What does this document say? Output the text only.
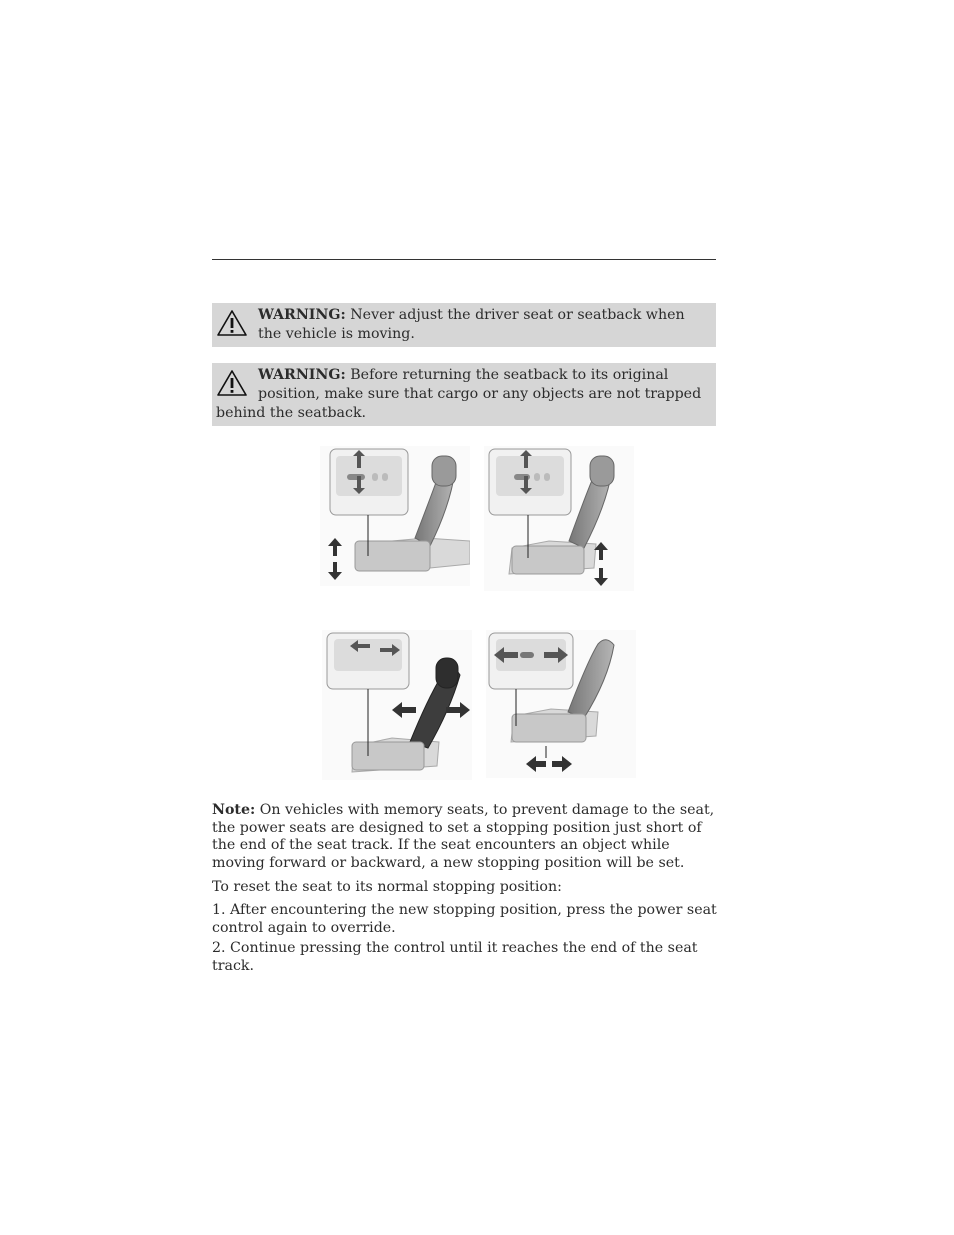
WARNING: Never adjust the driver seat or seatback when the vehicle is moving.
WARNING: Before returning the seatback to its original position, make sure that cargo or any objects are not trapped behind the seatback.
Note: On vehicles with memory seats, to prevent damage to the seat, the power seats are designed to set a stopping position just short of the end of the seat track. If the seat encounters an object while moving forward or backward, a new stopping position will be set.
To reset the seat to its normal stopping position:
1. After encountering the new stopping position, press the power seat control again to override.
2. Continue pressing the control until it reaches the end of the seat track.
